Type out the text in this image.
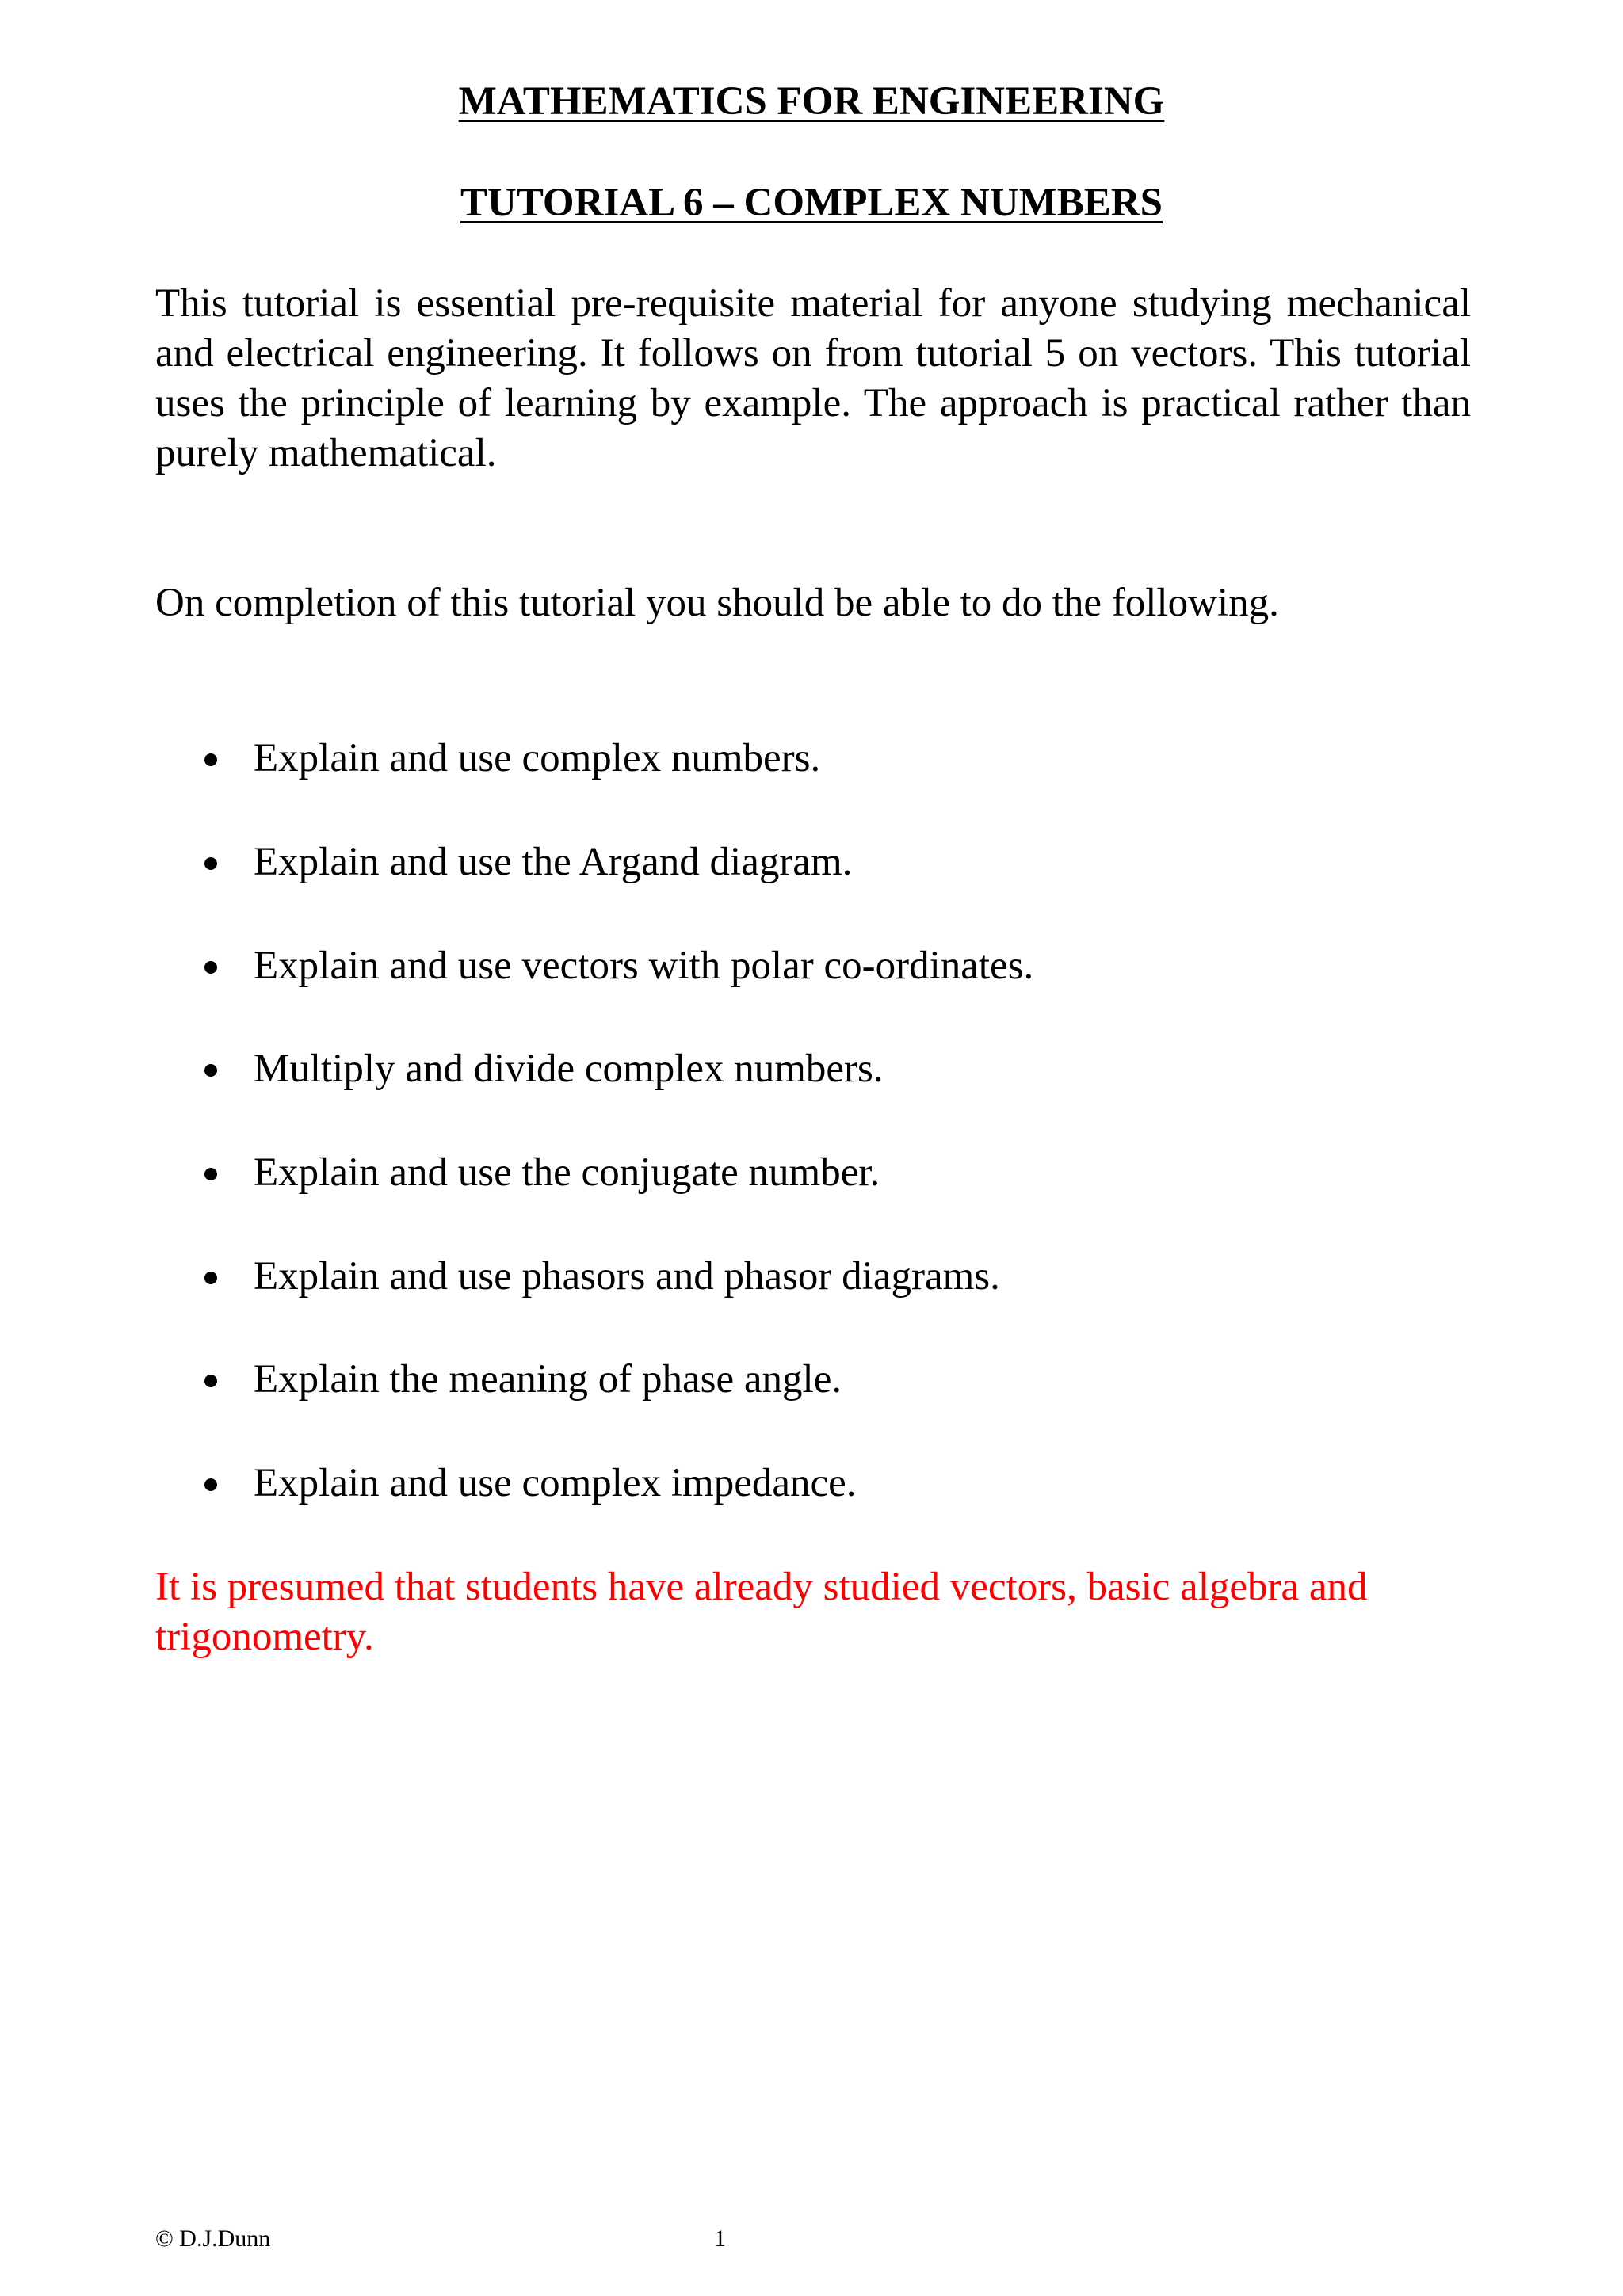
MATHEMATICS FOR ENGINEERING
TUTORIAL 6 – COMPLEX NUMBERS

This tutorial is essential pre-requisite material for anyone studying mechanical and electrical engineering. It follows on from tutorial 5 on vectors. This tutorial uses the principle of learning by example. The approach is practical rather than purely mathematical.

On completion of this tutorial you should be able to do the following.

Explain and use complex numbers.
Explain and use the Argand diagram.
Explain and use vectors with polar co-ordinates.
Multiply and divide complex numbers.
Explain and use the conjugate number.
Explain and use phasors and phasor diagrams.
Explain the meaning of phase angle.
Explain and use complex impedance.

It is presumed that students have already studied vectors, basic algebra and trigonometry.

© D.J.Dunn	1
